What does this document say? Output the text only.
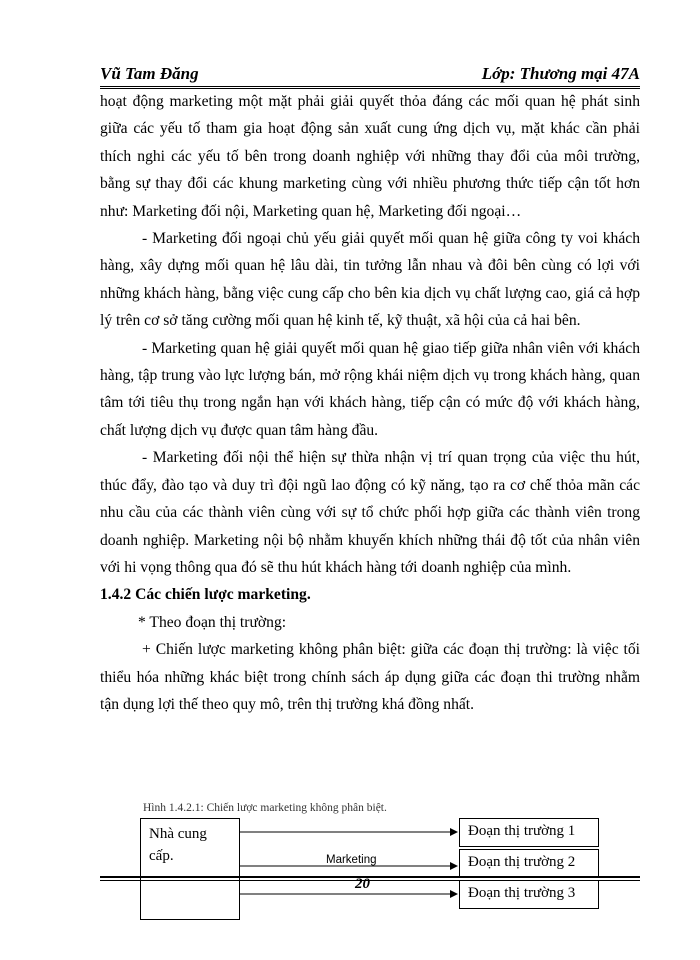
Vũ Tam Đăng	Lớp: Thương mại 47A

hoạt động marketing một mặt phải giải quyết thỏa đáng các mối quan hệ phát sinh giữa các yếu tố tham gia hoạt động sản xuất cung ứng dịch vụ, mặt khác cần phải thích nghi các yếu tố bên trong doanh nghiệp với những thay đổi của môi trường, bằng sự thay đổi các khung marketing cùng với nhiều phương thức tiếp cận tốt hơn như: Marketing đối nội, Marketing quan hệ, Marketing đối ngoại…

- Marketing đối ngoại chủ yếu giải quyết mối quan hệ giữa công ty voi khách hàng, xây dựng mối quan hệ lâu dài, tin tưởng lẫn nhau và đôi bên cùng có lợi với những khách hàng, bằng việc cung cấp cho bên kia dịch vụ chất lượng cao, giá cả hợp lý trên cơ sở tăng cường mối quan hệ kinh tế, kỹ thuật, xã hội của cả hai bên.

- Marketing quan hệ giải quyết mối quan hệ giao tiếp giữa nhân viên với khách hàng, tập trung vào lực lượng bán, mở rộng khái niệm dịch vụ trong khách hàng, quan tâm tới tiêu thụ trong ngắn hạn với khách hàng, tiếp cận có mức độ với khách hàng, chất lượng dịch vụ được quan tâm hàng đầu.

- Marketing đối nội thể hiện sự thừa nhận vị trí quan trọng của việc thu hút, thúc đẩy, đào tạo và duy trì đội ngũ lao động có kỹ năng, tạo ra cơ chế thỏa mãn các nhu cầu của các thành viên cùng với sự tổ chức phối hợp giữa các thành viên trong doanh nghiệp. Marketing nội bộ nhằm khuyến khích những thái độ tốt của nhân viên với hi vọng thông qua đó sẽ thu hút khách hàng tới doanh nghiệp của mình.

1.4.2 Các chiến lược marketing.

* Theo đoạn thị trường:

+ Chiến lược marketing không phân biệt: giữa các đoạn thị trường: là việc tối thiểu hóa những khác biệt trong chính sách áp dụng giữa các đoạn thi trường nhằm tận dụng lợi thế theo quy mô, trên thị trường khá đồng nhất.

Hình 1.4.2.1: Chiến lược marketing không phân biệt.
Nhà cung cấp.	Marketing
Đoạn thị trường 1
Đoạn thị trường 2
Đoạn thị trường 3
20
